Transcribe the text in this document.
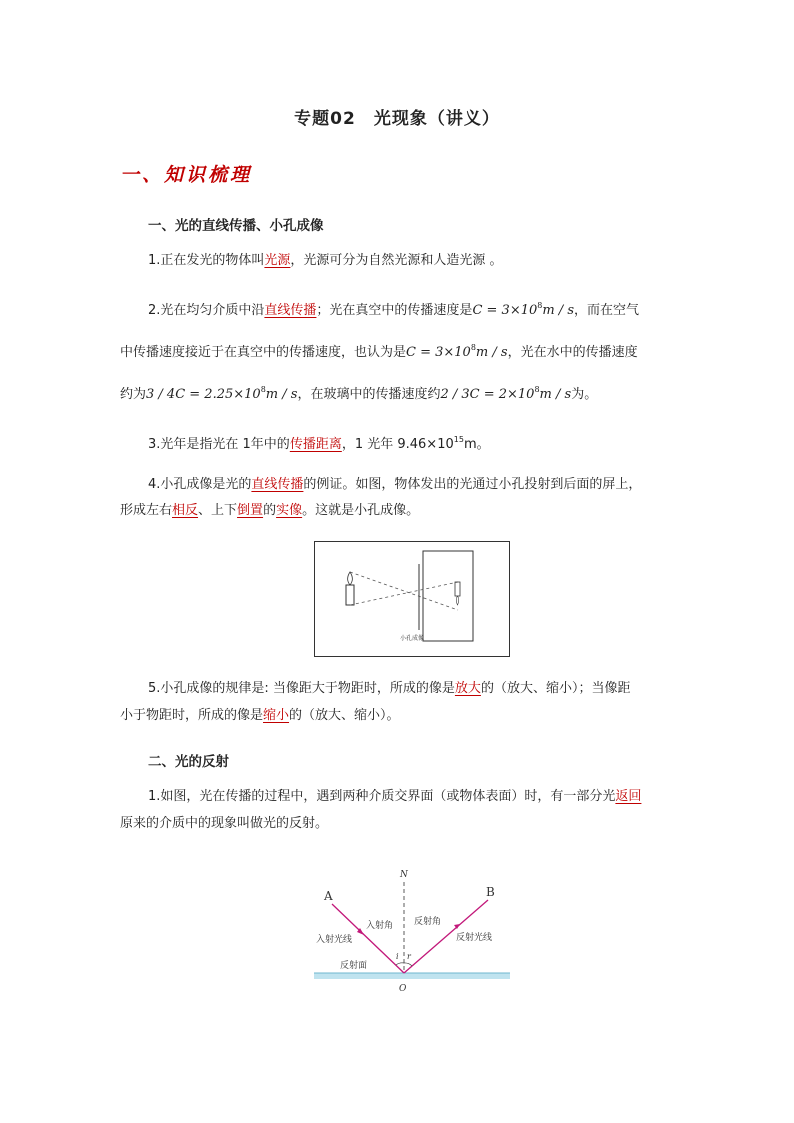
专题02　光现象（讲义）
一、知识梳理
一、光的直线传播、小孔成像
1.正在发光的物体叫光源，光源可分为自然光源和人造光源 。
2.光在均匀介质中沿直线传播；光在真空中的传播速度是$C = 3\times 10^8m / s$，而在空气
中传播速度接近于在真空中的传播速度，也认为是$C = 3\times 10^8m / s$，光在水中的传播速度
约为$3 / 4C = 2.25\times 10^8m / s$，在玻璃中的传播速度约$2 / 3C = 2\times 10^8m / s$为。
3.光年是指光在 1年中的传播距离，1 光年 $9.46\times 10^{15}m$。
4.小孔成像是光的直线传播的例证。如图，物体发出的光通过小孔投射到后面的屏上，
形成左右相反、上下倒置的实像。这就是小孔成像。
小孔成像
5.小孔成像的规律是: 当像距大于物距时，所成的像是放大的（放大、缩小）；当像距
小于物距时，所成的像是缩小的（放大、缩小）。
二、光的反射
1.如图，光在传播的过程中，遇到两种介质交界面（或物体表面）时，有一部分光返回
原来的介质中的现象叫做光的反射。
A	B
N
O
i r
入射角 反射角
入射光线	反射光线
反射面
